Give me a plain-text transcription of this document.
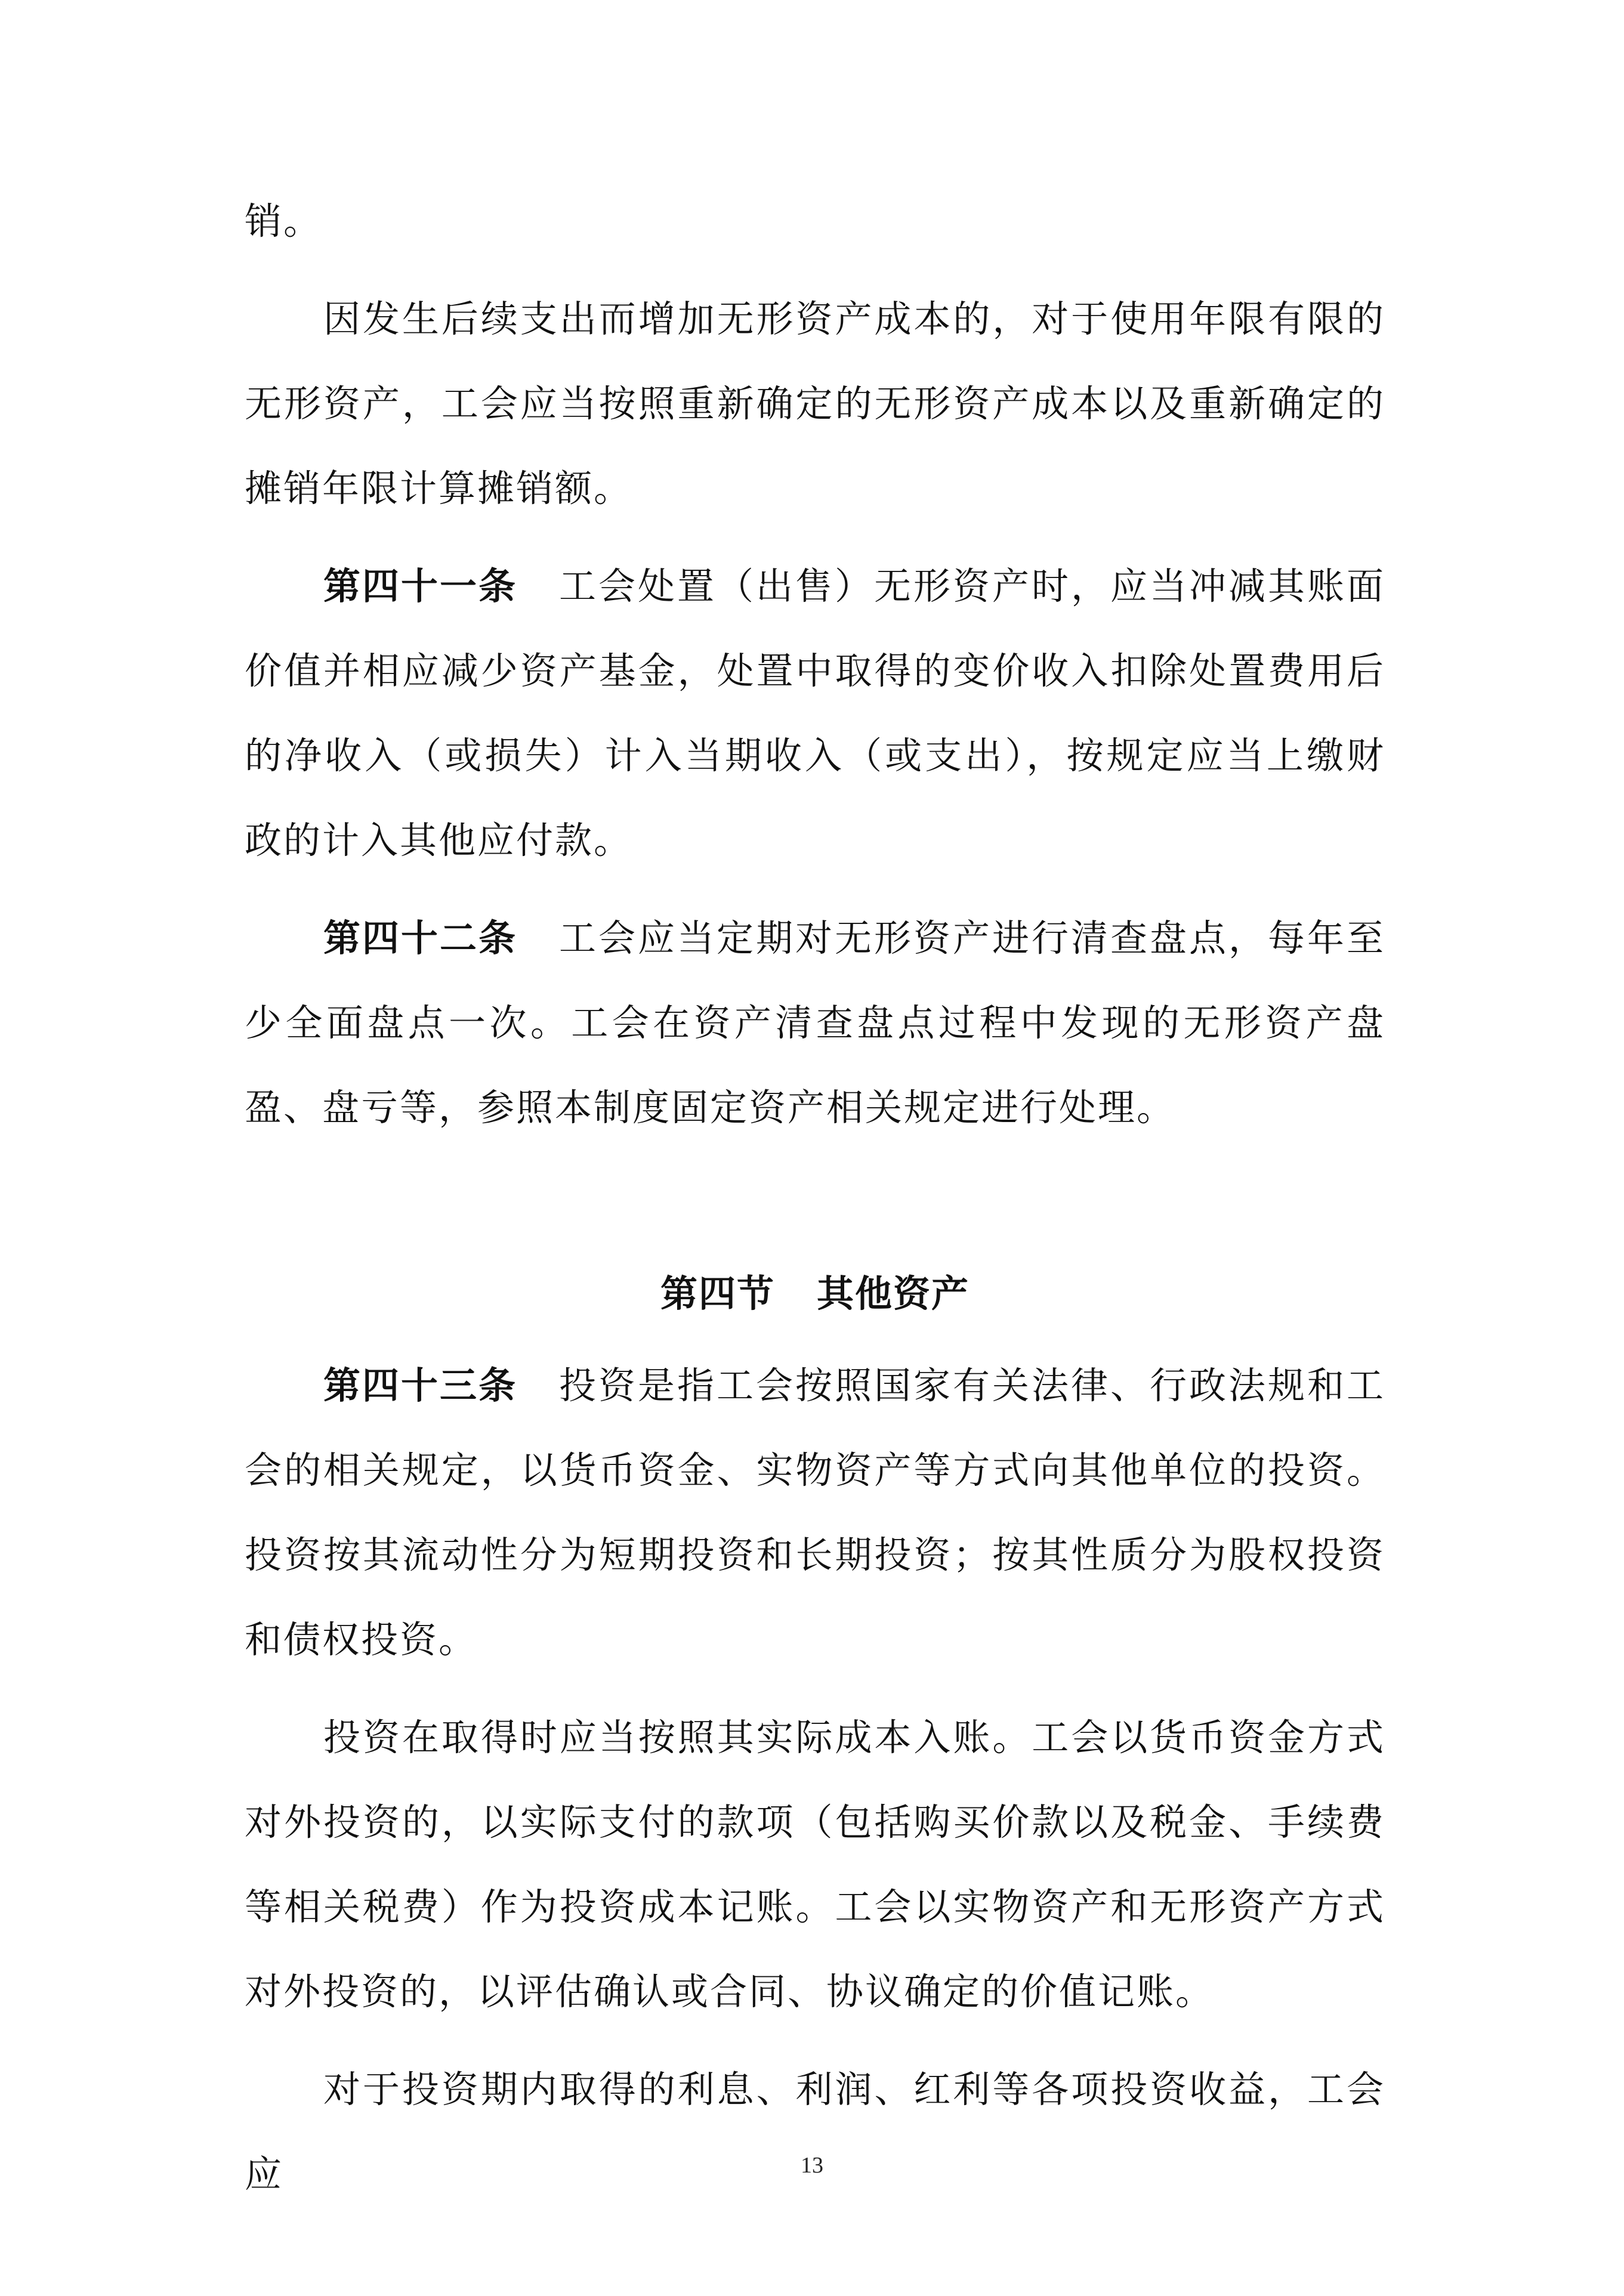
销。

因发生后续支出而增加无形资产成本的，对于使用年限有限的无形资产，工会应当按照重新确定的无形资产成本以及重新确定的摊销年限计算摊销额。

第四十一条 工会处置（出售）无形资产时，应当冲减其账面价值并相应减少资产基金，处置中取得的变价收入扣除处置费用后的净收入（或损失）计入当期收入（或支出），按规定应当上缴财政的计入其他应付款。

第四十二条 工会应当定期对无形资产进行清查盘点，每年至少全面盘点一次。工会在资产清查盘点过程中发现的无形资产盘盈、盘亏等，参照本制度固定资产相关规定进行处理。

第四节 其他资产

第四十三条 投资是指工会按照国家有关法律、行政法规和工会的相关规定，以货币资金、实物资产等方式向其他单位的投资。投资按其流动性分为短期投资和长期投资；按其性质分为股权投资和债权投资。

投资在取得时应当按照其实际成本入账。工会以货币资金方式对外投资的，以实际支付的款项（包括购买价款以及税金、手续费等相关税费）作为投资成本记账。工会以实物资产和无形资产方式对外投资的，以评估确认或合同、协议确定的价值记账。

对于投资期内取得的利息、利润、红利等各项投资收益，工会应	13
